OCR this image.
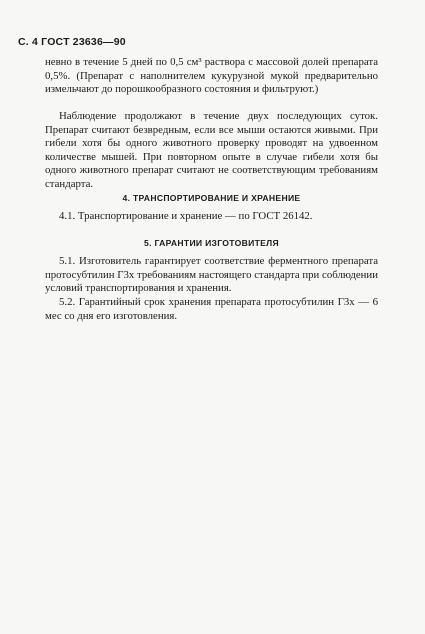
С. 4 ГОСТ 23636—90

невно в течение 5 дней по 0,5 см³ раствора с массовой долей препарата 0,5%. (Препарат с наполнителем кукурузной мукой предварительно измельчают до порошкообразного состояния и фильтруют.)

Наблюдение продолжают в течение двух последующих суток. Препарат считают безвредным, если все мыши остаются живыми. При гибели хотя бы одного животного проверку проводят на удвоенном количестве мышей. При повторном опыте в случае гибели хотя бы одного животного препарат считают не соответствующим требованиям стандарта.

4. ТРАНСПОРТИРОВАНИЕ И ХРАНЕНИЕ

4.1. Транспортирование и хранение — по ГОСТ 26142.

5. ГАРАНТИИ ИЗГОТОВИТЕЛЯ

5.1. Изготовитель гарантирует соответствие ферментного препарата протосубтилин Г3х требованиям настоящего стандарта при соблюдении условий транспортирования и хранения.

5.2. Гарантийный срок хранения препарата протосубтилин Г3х — 6 мес со дня его изготовления.
